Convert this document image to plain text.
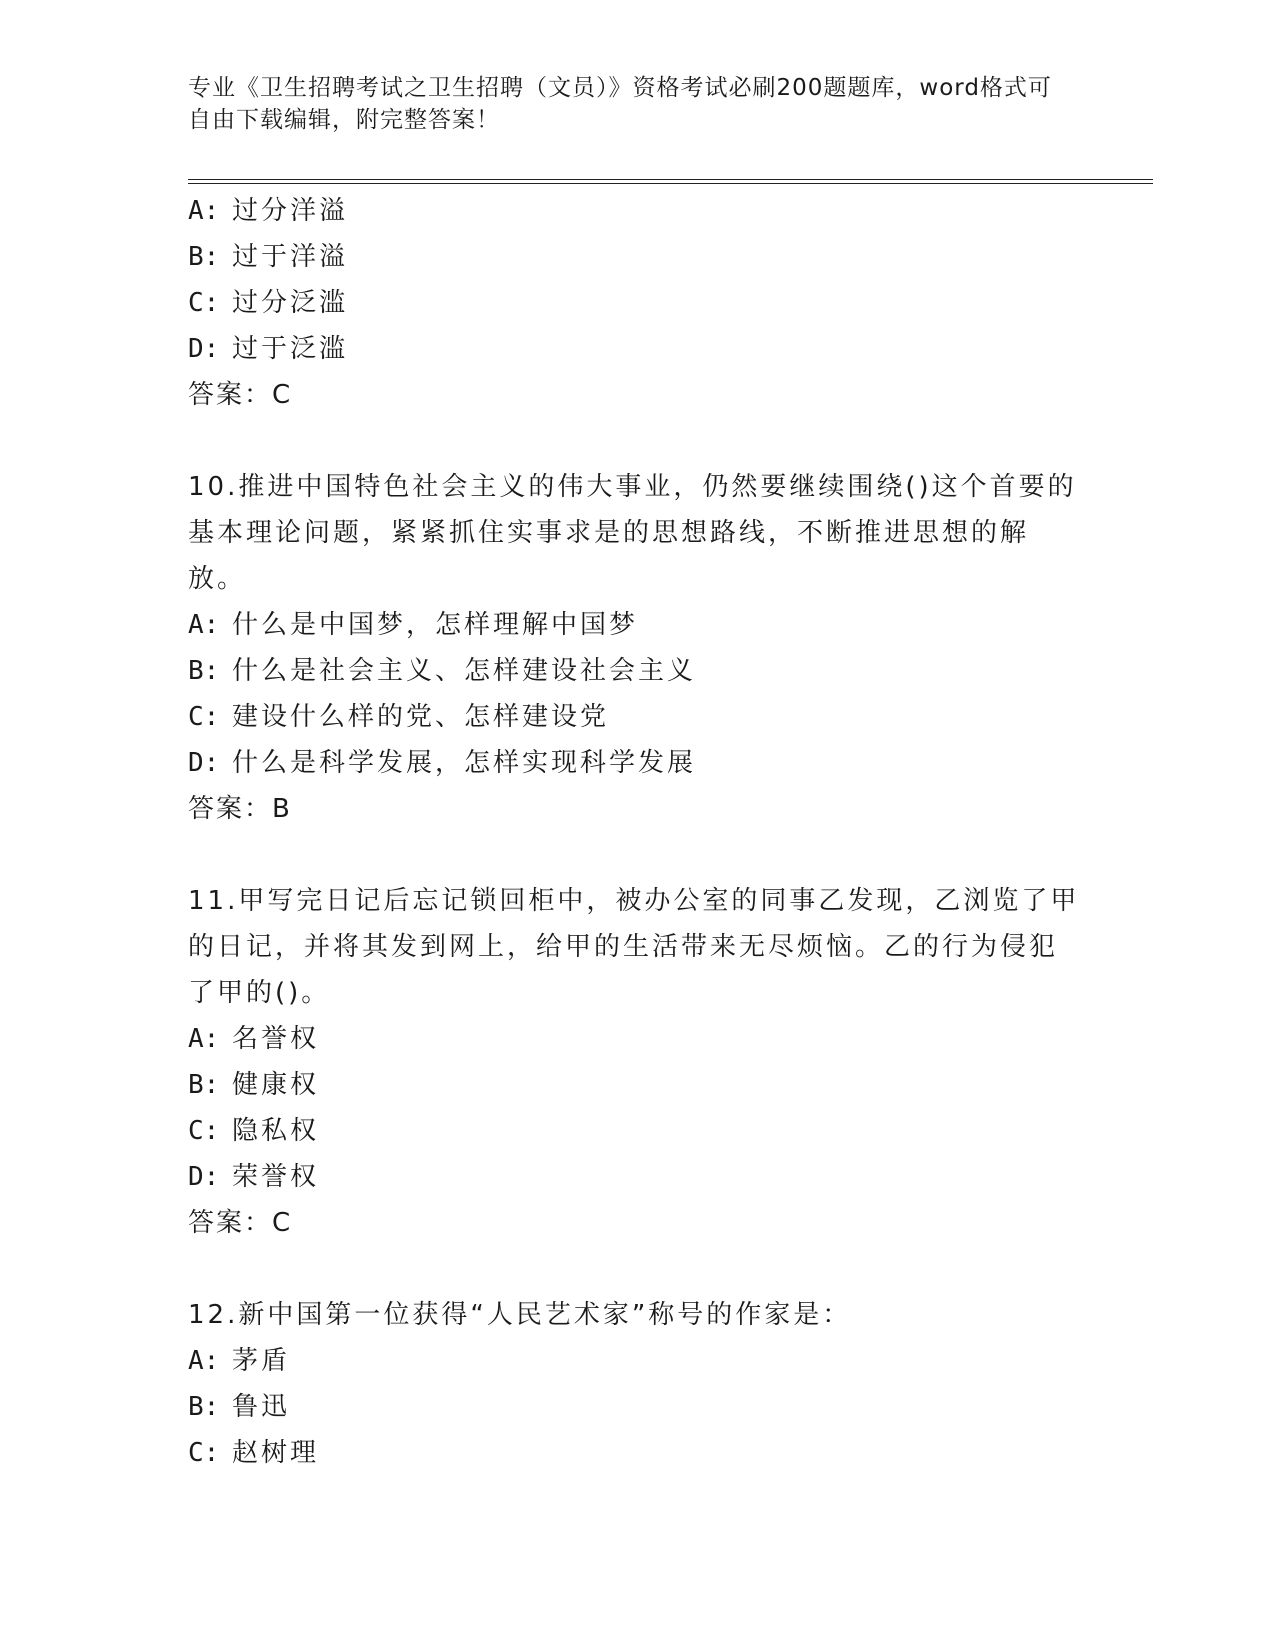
专业《卫生招聘考试之卫生招聘（文员）》资格考试必刷200题题库，word格式可自由下载编辑，附完整答案！
A: 过分洋溢
B: 过于洋溢
C: 过分泛滥
D: 过于泛滥
答案：C
10.推进中国特色社会主义的伟大事业，仍然要继续围绕()这个首要的基本理论问题，紧紧抓住实事求是的思想路线，不断推进思想的解放。
A: 什么是中国梦，怎样理解中国梦
B: 什么是社会主义、怎样建设社会主义
C: 建设什么样的党、怎样建设党
D: 什么是科学发展，怎样实现科学发展
答案：B
11.甲写完日记后忘记锁回柜中，被办公室的同事乙发现，乙浏览了甲的日记，并将其发到网上，给甲的生活带来无尽烦恼。乙的行为侵犯了甲的()。
A: 名誉权
B: 健康权
C: 隐私权
D: 荣誉权
答案：C
12.新中国第一位获得“人民艺术家”称号的作家是：
A: 茅盾
B: 鲁迅
C: 赵树理
